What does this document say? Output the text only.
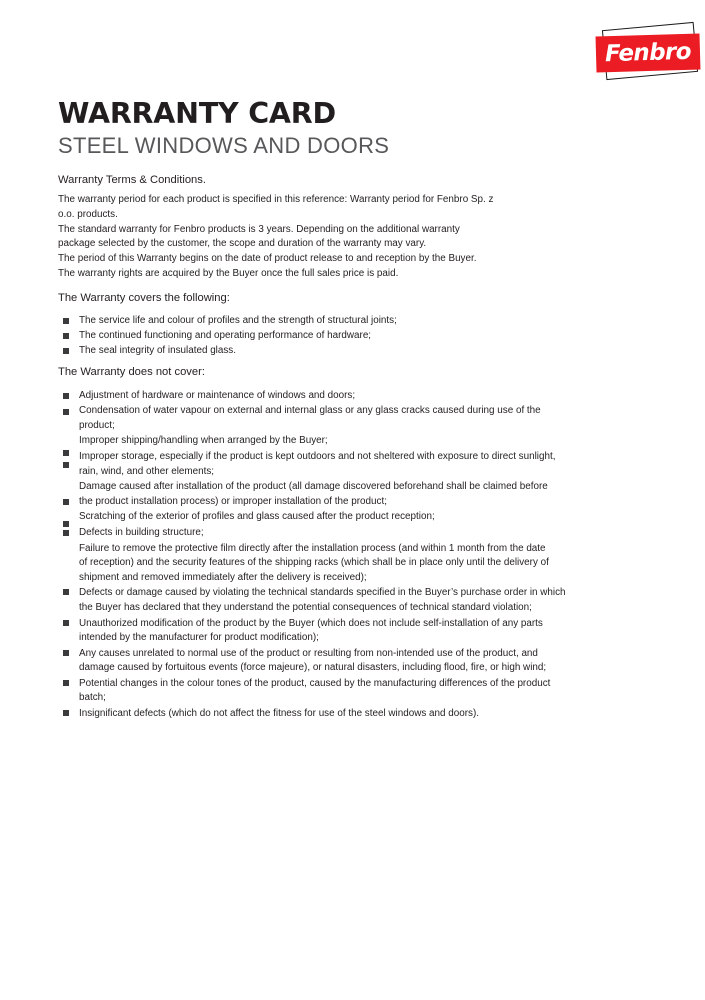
Fenbro
WARRANTY CARD
STEEL WINDOWS AND DOORS

Warranty Terms & Conditions.

The warranty period for each product is specified in this reference: Warranty period for Fenbro Sp. z
o.o. products.
The standard warranty for Fenbro products is 3 years. Depending on the additional warranty
package selected by the customer, the scope and duration of the warranty may vary.
The period of this Warranty begins on the date of product release to and reception by the Buyer.
The warranty rights are acquired by the Buyer once the full sales price is paid.

The Warranty covers the following:

The service life and colour of profiles and the strength of structural joints;
The continued functioning and operating performance of hardware;
The seal integrity of insulated glass.

The Warranty does not cover:

Adjustment of hardware or maintenance of windows and doors;
Condensation of water vapour on external and internal glass or any glass cracks caused during use of the
product;
Improper shipping/handling when arranged by the Buyer;
Improper storage, especially if the product is kept outdoors and not sheltered with exposure to direct sunlight,
rain, wind, and other elements;
Damage caused after installation of the product (all damage discovered beforehand shall be claimed before
the product installation process) or improper installation of the product;
Scratching of the exterior of profiles and glass caused after the product reception;
Defects in building structure;
Failure to remove the protective film directly after the installation process (and within 1 month from the date
of reception) and the security features of the shipping racks (which shall be in place only until the delivery of
shipment and removed immediately after the delivery is received);
Defects or damage caused by violating the technical standards specified in the Buyer’s purchase order in which
the Buyer has declared that they understand the potential consequences of technical standard violation;
Unauthorized modification of the product by the Buyer (which does not include self-installation of any parts
intended by the manufacturer for product modification);
Any causes unrelated to normal use of the product or resulting from non-intended use of the product, and
damage caused by fortuitous events (force majeure), or natural disasters, including flood, fire, or high wind;
Potential changes in the colour tones of the product, caused by the manufacturing differences of the product
batch;
Insignificant defects (which do not affect the fitness for use of the steel windows and doors).
